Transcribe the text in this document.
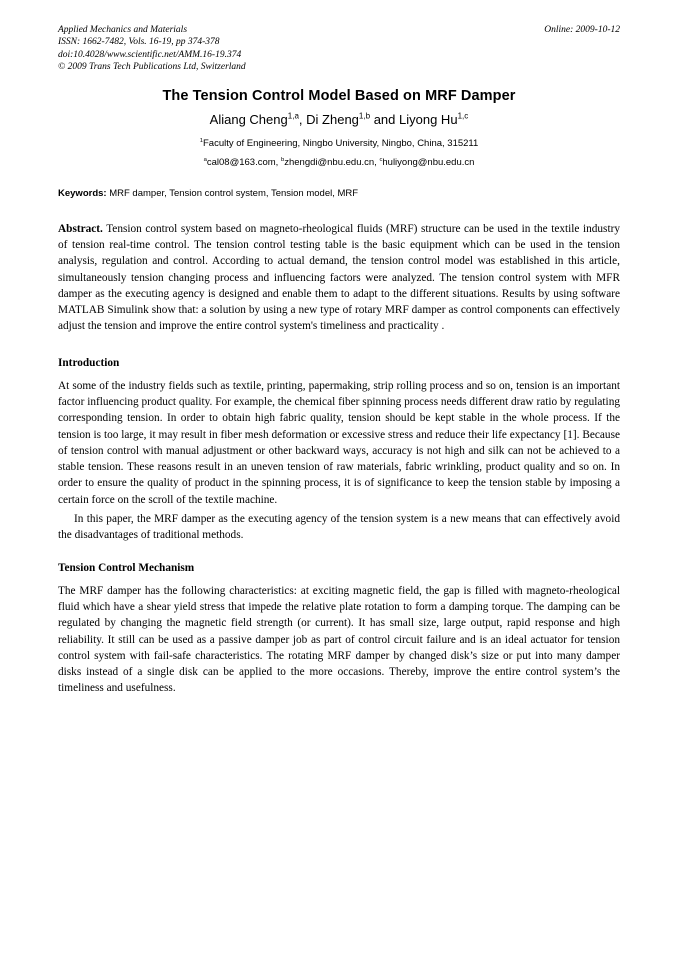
Applied Mechanics and Materials
ISSN: 1662-7482, Vols. 16-19, pp 374-378
doi:10.4028/www.scientific.net/AMM.16-19.374
© 2009 Trans Tech Publications Ltd, Switzerland
Online: 2009-10-12
The Tension Control Model Based on MRF Damper
Aliang Cheng$^{1,a}$, Di Zheng$^{1,b}$ and Liyong Hu$^{1,c}$
$^1$Faculty of Engineering, Ningbo University, Ningbo, China, 315211
$^a$cal08@163.com, $^b$zhengdi@nbu.edu.cn, $^c$huliyong@nbu.edu.cn
Keywords: MRF damper, Tension control system, Tension model, MRF
Abstract. Tension control system based on magneto-rheological fluids (MRF) structure can be used in the textile industry of tension real-time control. The tension control testing table is the basic equipment which can be used in the tension analysis, regulation and control. According to actual demand, the tension control model was established in this article, simultaneously tension changing process and influencing factors were analyzed. The tension control system with MFR damper as the executing agency is designed and enable them to adapt to the different situations. Results by using software MATLAB Simulink show that: a solution by using a new type of rotary MRF damper as control components can effectively adjust the tension and improve the entire control system's timeliness and practicality .
Introduction

At some of the industry fields such as textile, printing, papermaking, strip rolling process and so on, tension is an important factor influencing product quality. For example, the chemical fiber spinning process needs different draw ratio by regulating corresponding tension. In order to obtain high fabric quality, tension should be kept stable in the whole process. If the tension is too large, it may result in fiber mesh deformation or excessive stress and reduce their life expectancy [1]. Because of tension control with manual adjustment or other backward ways, accuracy is not high and silk can not be achieved to a stable tension. These reasons result in an uneven tension of raw materials, fabric wrinkling, product quality and so on. In order to ensure the quality of product in the spinning process, it is of significance to keep the tension stable by imposing a certain force on the scroll of the textile machine.

In this paper, the MRF damper as the executing agency of the tension system is a new means that can effectively avoid the disadvantages of traditional methods.

Tension Control Mechanism

The MRF damper has the following characteristics: at exciting magnetic field, the gap is filled with magneto-rheological fluid which have a shear yield stress that impede the relative plate rotation to form a damping torque. The damping can be regulated by changing the magnetic field strength (or current). It has small size, large output, rapid response and high reliability. It still can be used as a passive damper job as part of control circuit failure and is an ideal actuator for tension control system with fail-safe characteristics. The rotating MRF damper by changed disk’s size or put into many damper disks instead of a single disk can be applied to the more occasions. Thereby, improve the entire control system’s the timeliness and usefulness.
